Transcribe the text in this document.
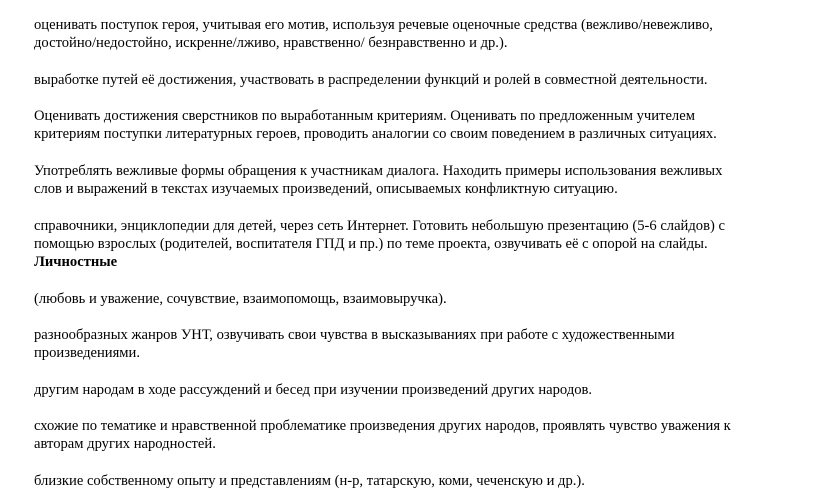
оценивать поступок героя, учитывая его мотив, используя речевые оценочные средства (вежливо/невежливо,
достойно/недостойно, искренне/лживо, нравственно/ безнравственно и др.).
выработке путей её достижения, участвовать в распределении функций и ролей в совместной деятельности.
Оценивать достижения сверстников по выработанным критериям. Оценивать по предложенным учителем
критериям поступки литературных героев, проводить аналогии со своим поведением в различных ситуациях.
Употреблять вежливые формы обращения к участникам диалога. Находить примеры использования вежливых
слов и выражений в текстах изучаемых произведений, описываемых конфликтную ситуацию.
справочники, энциклопедии для детей, через сеть Интернет. Готовить небольшую презентацию (5-6 слайдов) с
помощью взрослых (родителей, воспитателя ГПД и пр.) по теме проекта, озвучивать её с опорой на слайды.
Личностные
(любовь и уважение, сочувствие, взаимопомощь, взаимовыручка).
разнообразных жанров УНТ, озвучивать свои чувства в высказываниях при работе с художественными
произведениями.
другим народам в ходе рассуждений и бесед при изучении произведений других народов.
схожие по тематике и нравственной проблематике произведения других народов, проявлять чувство уважения к
авторам других народностей.
близкие собственному опыту и представлениям (н-р, татарскую, коми, чеченскую и др.).
